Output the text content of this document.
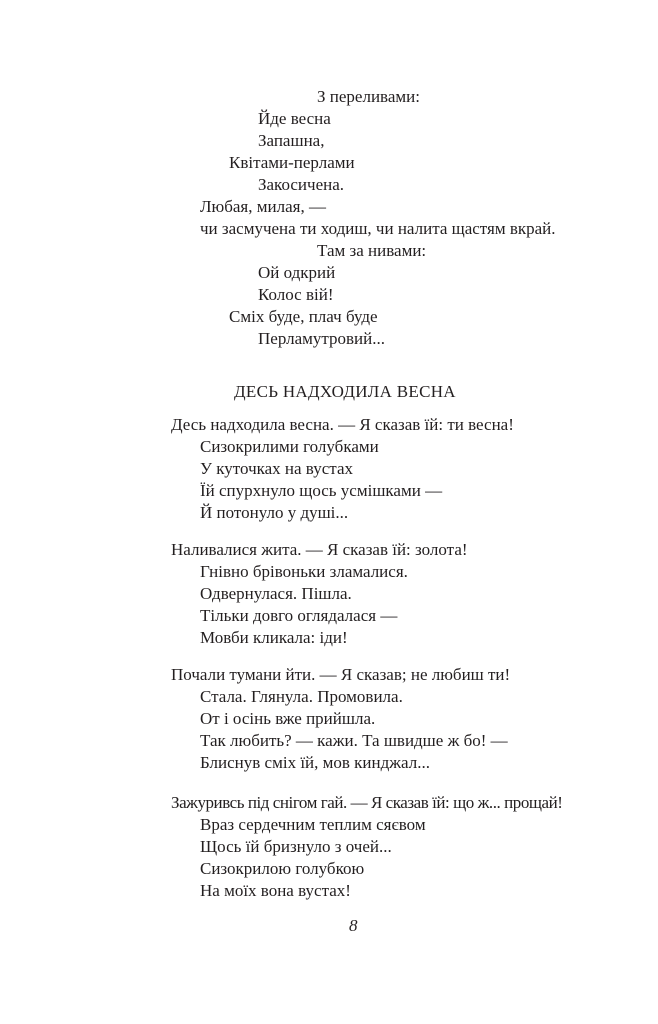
З переливами:
Йде весна
Запашна,
Квітами-перлами
Закосичена.
Любая, милая, —
чи засмучена ти ходиш, чи налита щастям вкрай.
Там за нивами:
Ой одкрий
Колос вій!
Сміх буде, плач буде
Перламутровий...
ДЕСЬ НАДХОДИЛА ВЕСНА
Десь надходила весна. — Я сказав їй: ти весна!
Сизокрилими голубками
У куточках на вустах
Їй спурхнуло щось усмішками —
Й потонуло у душі...
Наливалися жита. — Я сказав їй: золота!
Гнівно брівоньки зламалися.
Одвернулася. Пішла.
Тільки довго оглядалася —
Мовби кликала: іди!
Почали тумани йти. — Я сказав; не любиш ти!
Стала. Глянула. Промовила.
От і осінь вже прийшла.
Так любить? — кажи. Та швидше ж бо! —
Блиснув сміх їй, мов кинджал...
Зажуривсь під снігом гай. — Я сказав їй: що ж... прощай!
Враз сердечним теплим сяєвом
Щось їй бризнуло з очей...
Сизокрилою голубкою
На моїх вона вустах!
8
